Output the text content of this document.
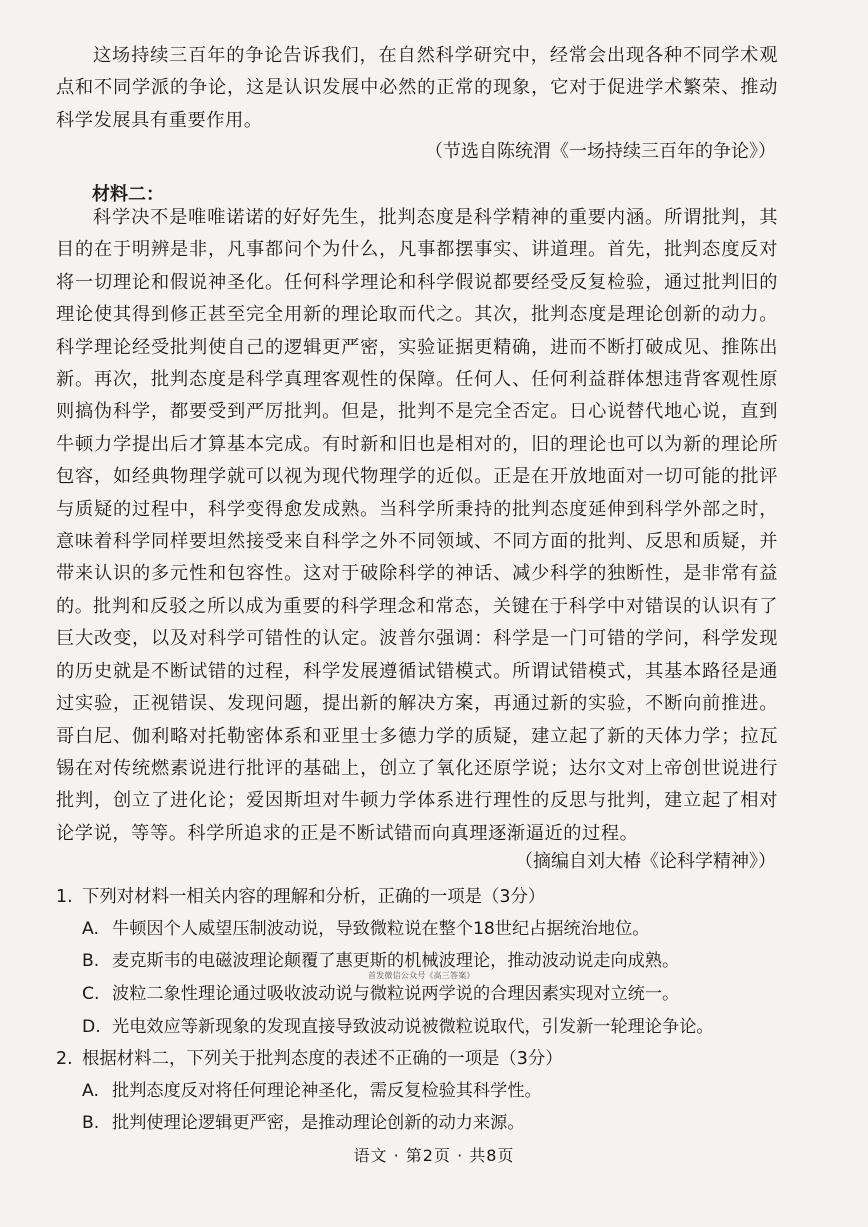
这场持续三百年的争论告诉我们，在自然科学研究中，经常会出现各种不同学术观点和不同学派的争论，这是认识发展中必然的正常的现象，它对于促进学术繁荣、推动科学发展具有重要作用。

（节选自陈统渭《一场持续三百年的争论》）

材料二：

科学决不是唯唯诺诺的好好先生，批判态度是科学精神的重要内涵。所谓批判，其目的在于明辨是非，凡事都问个为什么，凡事都摆事实、讲道理。首先，批判态度反对将一切理论和假说神圣化。任何科学理论和科学假说都要经受反复检验，通过批判旧的理论使其得到修正甚至完全用新的理论取而代之。其次，批判态度是理论创新的动力。科学理论经受批判使自己的逻辑更严密，实验证据更精确，进而不断打破成见、推陈出新。再次，批判态度是科学真理客观性的保障。任何人、任何利益群体想违背客观性原则搞伪科学，都要受到严厉批判。但是，批判不是完全否定。日心说替代地心说，直到牛顿力学提出后才算基本完成。有时新和旧也是相对的，旧的理论也可以为新的理论所包容，如经典物理学就可以视为现代物理学的近似。正是在开放地面对一切可能的批评与质疑的过程中，科学变得愈发成熟。当科学所秉持的批判态度延伸到科学外部之时，意味着科学同样要坦然接受来自科学之外不同领域、不同方面的批判、反思和质疑，并带来认识的多元性和包容性。这对于破除科学的神话、减少科学的独断性，是非常有益的。 批判和反驳之所以成为重要的科学理念和常态，关键在于科学中对错误的认识有了巨大改变，以及对科学可错性的认定。波普尔强调：科学是一门可错的学问，科学发现的历史就是不断试错的过程，科学发展遵循试错模式。所谓试错模式，其基本路径是通过实验，正视错误、发现问题，提出新的解决方案，再通过新的实验，不断向前推进。哥白尼、伽利略对托勒密体系和亚里士多德力学的质疑，建立起了新的天体力学；拉瓦锡在对传统燃素说进行批评的基础上，创立了氧化还原学说；达尔文对上帝创世说进行批判，创立了进化论；爱因斯坦对牛顿力学体系进行理性的反思与批判，建立起了相对论学说，等等。科学所追求的正是不断试错而向真理逐渐逼近的过程。

（摘编自刘大椿《论科学精神》）

1. 下列对材料一相关内容的理解和分析，正确的一项是（3分）

A. 牛顿因个人威望压制波动说，导致微粒说在整个18世纪占据统治地位。

B. 麦克斯韦的电磁波理论颠覆了惠更斯的机械波理论，推动波动说走向成熟。

首发微信公众号《高三答案》

C. 波粒二象性理论通过吸收波动说与微粒说两学说的合理因素实现对立统一。

D. 光电效应等新现象的发现直接导致波动说被微粒说取代，引发新一轮理论争论。

2. 根据材料二，下列关于批判态度的表述不正确的一项是（3分）

A. 批判态度反对将任何理论神圣化，需反复检验其科学性。

B. 批判使理论逻辑更严密，是推动理论创新的动力来源。

语文 · 第2页 · 共8页
